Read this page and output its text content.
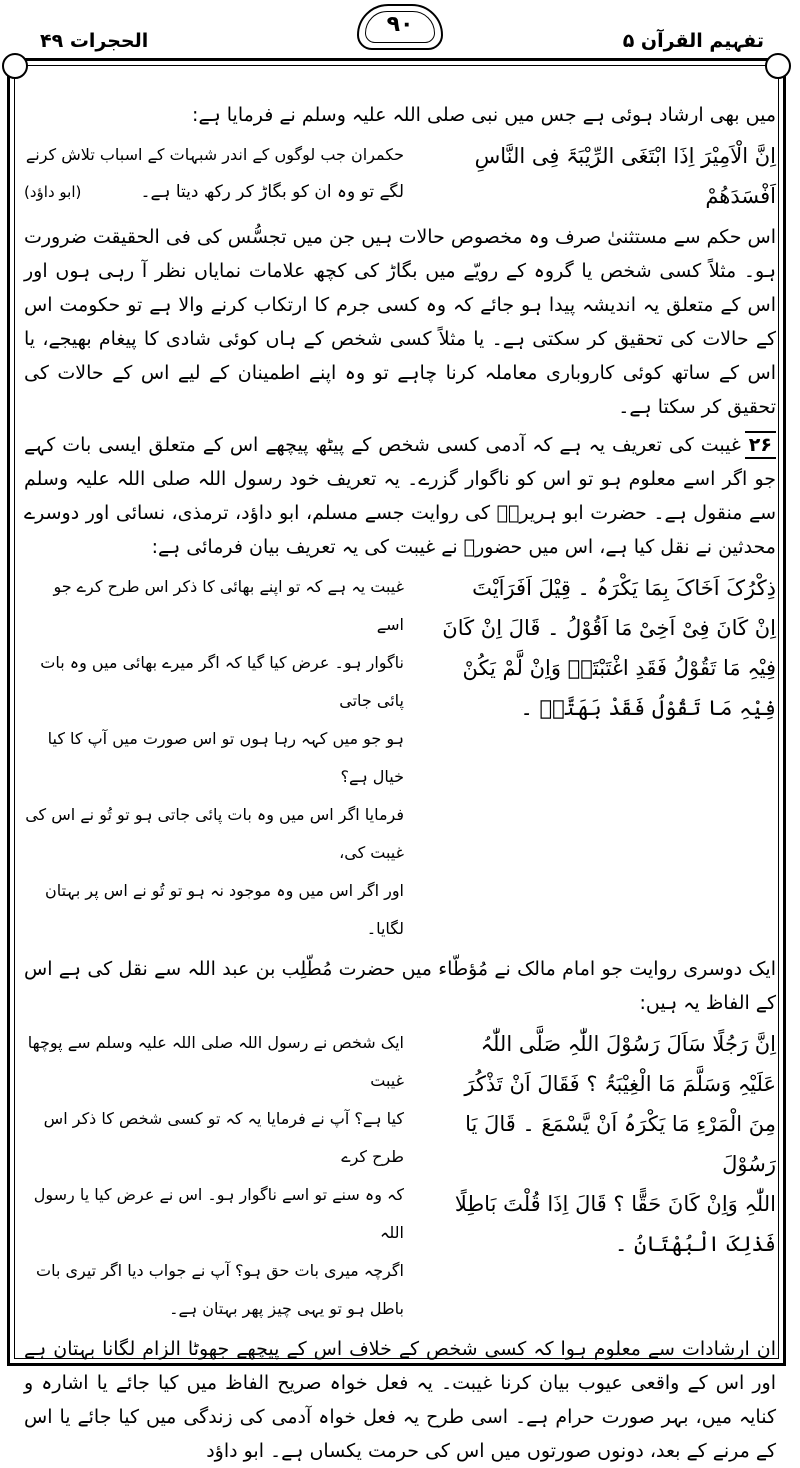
تفہیم القرآن ۵
۹۰
الحجرات ۴۹

میں بھی ارشاد ہوئی ہے جس میں نبی صلی اللہ علیہ وسلم نے فرمایا ہے:

اِنَّ الْاَمِیْرَ اِذَا ابْتَغَی الرِّیْبَۃَ فِی النَّاسِ
اَفْسَدَھُمْ
حکمران جب لوگوں کے اندر شبہات کے اسباب تلاش کرنے
لگے تو وہ ان کو بگاڑ کر رکھ دیتا ہے۔
(ابو داؤد)

اس حکم سے مستثنیٰ صرف وہ مخصوص حالات ہیں جن میں تجسُّس کی فی الحقیقت ضرورت ہو۔ مثلاً کسی شخص یا گروہ کے رویّے میں بگاڑ کی کچھ علامات نمایاں نظر آ رہی ہوں اور اس کے متعلق یہ اندیشہ پیدا ہو جائے کہ وہ کسی جرم کا ارتکاب کرنے والا ہے تو حکومت اس کے حالات کی تحقیق کر سکتی ہے۔ یا مثلاً کسی شخص کے ہاں کوئی شادی کا پیغام بھیجے، یا اس کے ساتھ کوئی کاروباری معاملہ کرنا چاہے تو وہ اپنے اطمینان کے لیے اس کے حالات کی تحقیق کر سکتا ہے۔

۲۶غیبت کی تعریف یہ ہے کہ آدمی کسی شخص کے پیٹھ پیچھے اس کے متعلق ایسی بات کہے جو اگر اسے معلوم ہو تو اس کو ناگوار گزرے۔ یہ تعریف خود رسول اللہ صلی اللہ علیہ وسلم سے منقول ہے۔ حضرت ابو ہریرہؓ کی روایت جسے مسلم، ابو داؤد، ترمذی، نسائی اور دوسرے محدثین نے نقل کیا ہے، اس میں حضورؐ نے غیبت کی یہ تعریف بیان فرمائی ہے:

ذِکْرُکَ اَخَاکَ بِمَا یَکْرَہُ ۔ قِیْلَ اَفَرَاَیْتَ
اِنْ کَانَ فِیْ اَخِیْ مَا اَقُوْلُ ۔ قَالَ اِنْ کَانَ
فِیْہِ مَا تَقُوْلُ فَقَدِ اغْتَبْتَہٗ وَاِنْ لَّمْ یَکُنْ
فِیْہِ مَا تَقُوْلُ فَقَدْ بَھَتَّہٗ ۔
غیبت یہ ہے کہ تو اپنے بھائی کا ذکر اس طرح کرے جو اسے
ناگوار ہو۔ عرض کیا گیا کہ اگر میرے بھائی میں وہ بات پائی جاتی
ہو جو میں کہہ رہا ہوں تو اس صورت میں آپ کا کیا خیال ہے؟
فرمایا اگر اس میں وہ بات پائی جاتی ہو تو تُو نے اس کی غیبت کی،
اور اگر اس میں وہ موجود نہ ہو تو تُو نے اس پر بہتان لگایا۔

ایک دوسری روایت جو امام مالک نے مُؤطّاء میں حضرت مُطّلِب بن عبد اللہ سے نقل کی ہے اس کے الفاظ یہ ہیں:

اِنَّ رَجُلًا سَاَلَ رَسُوْلَ اللّٰہِ صَلَّی اللّٰہُ
عَلَیْہِ وَسَلَّمَ مَا الْغِیْبَۃُ ؟ فَقَالَ اَنْ تَذْکُرَ
مِنَ الْمَرْءِ مَا یَکْرَہُ اَنْ یَّسْمَعَ ۔ قَالَ یَا رَسُوْلَ
اللّٰہِ وَاِنْ کَانَ حَقًّا ؟ قَالَ اِذَا قُلْتَ بَاطِلًا
فَذٰلِکَ الْبُھْتَانُ ۔
ایک شخص نے رسول اللہ صلی اللہ علیہ وسلم سے پوچھا غیبت
کیا ہے؟ آپ نے فرمایا یہ کہ تو کسی شخص کا ذکر اس طرح کرے
کہ وہ سنے تو اسے ناگوار ہو۔ اس نے عرض کیا یا رسول اللہ
اگرچہ میری بات حق ہو؟ آپ نے جواب دیا اگر تیری بات
باطل ہو تو یہی چیز پھر بہتان ہے۔

ان ارشادات سے معلوم ہوا کہ کسی شخص کے خلاف اس کے پیچھے جھوٹا الزام لگانا بہتان ہے اور اس کے واقعی عیوب بیان کرنا غیبت۔ یہ فعل خواہ صریح الفاظ میں کیا جائے یا اشارہ و کنایہ میں، بہر صورت حرام ہے۔ اسی طرح یہ فعل خواہ آدمی کی زندگی میں کیا جائے یا اس کے مرنے کے بعد، دونوں صورتوں میں اس کی حرمت یکساں ہے۔ ابو داؤد
